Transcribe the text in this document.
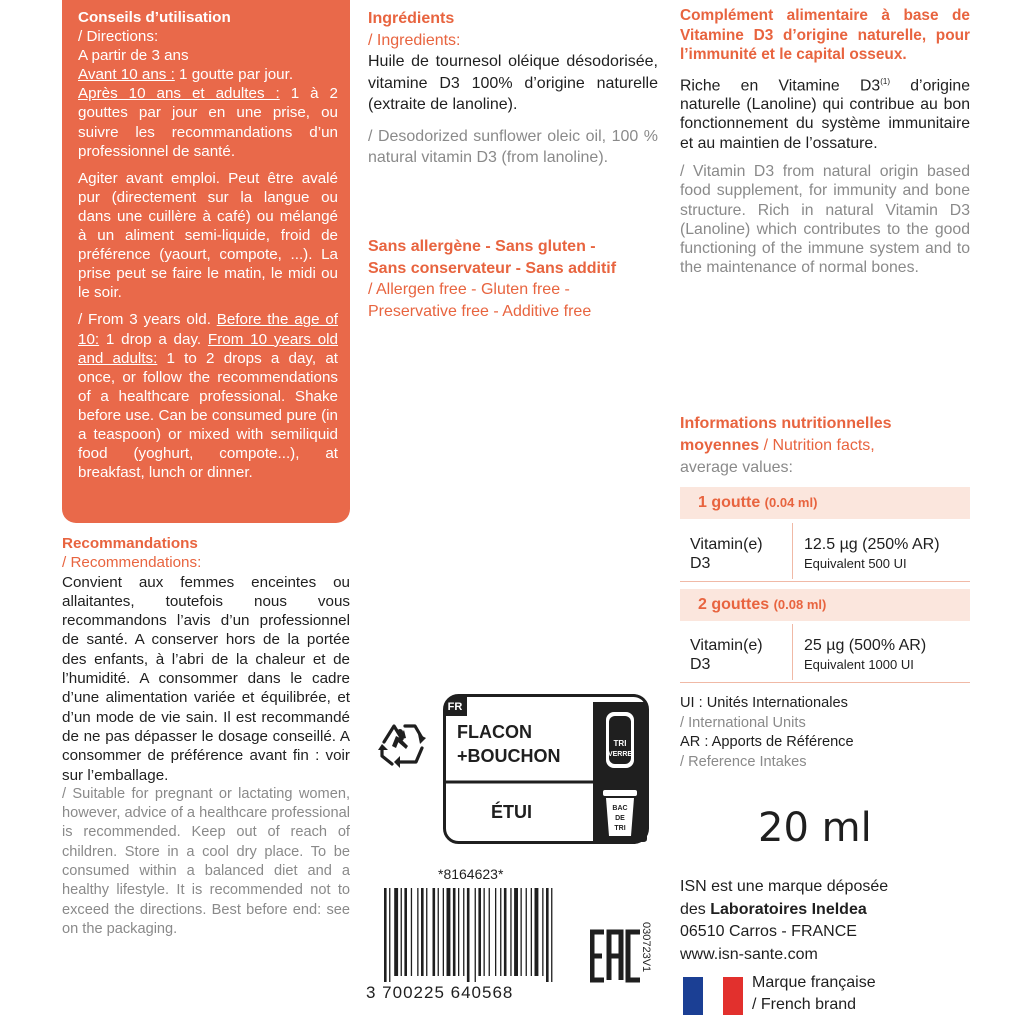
Conseils d’utilisation

/ Directions:

A partir de 3 ans

Avant 10 ans : 1 goutte par jour.

Après 10 ans et adultes : 1 à 2 gouttes par jour en une prise, ou suivre les recommandations d’un professionnel de santé.

Agiter avant emploi. Peut être avalé pur (directement sur la langue ou dans une cuillère à café) ou mélangé à un aliment semi-liquide, froid de préférence (yaourt, compote, ...). La prise peut se faire le matin, le midi ou le soir.

/ From 3 years old. Before the age of 10: 1 drop a day. From 10 years old and adults: 1 to 2 drops a day, at once, or follow the recommendations of a healthcare professional. Shake before use. Can be consumed pure (in a teaspoon) or mixed with semiliquid food (yoghurt, compote...), at breakfast, lunch or dinner.

Recommandations

/ Recommendations:

Convient aux femmes enceintes ou allaitantes, toutefois nous vous recommandons l’avis d’un professionnel de santé. A conserver hors de la portée des enfants, à l’abri de la chaleur et de l’humidité. A consommer dans le cadre d’une alimentation variée et équilibrée, et d’un mode de vie sain. Il est recommandé de ne pas dépasser le dosage conseillé. A consommer de préférence avant fin : voir sur l’emballage.

/ Suitable for pregnant or lactating women, however, advice of a healthcare professional is recommended. Keep out of reach of children. Store in a cool dry place. To be consumed within a balanced diet and a healthy lifestyle. It is recommended not to exceed the directions. Best before end: see on the packaging.

Ingrédients

/ Ingredients:

Huile de tournesol oléique désodorisée, vitamine D3 100% d’origine naturelle (extraite de lanoline).

/ Desodorized sunflower oleic oil, 100 % natural vitamin D3 (from lanoline).

Sans allergène - Sans gluten -

Sans conservateur - Sans additif

/ Allergen free - Gluten free -

Preservative free - Additive free

FR
FLACON
+BOUCHON
ÉTUI
TRI
VERRE
BAC
DE
TRI
*8164623*
3 700225 640568
030723V1

Complément alimentaire à base de Vitamine D3 d’origine naturelle, pour l’immunité et le capital osseux.

Riche en Vitamine D3$^{(1)}$ d’origine naturelle (Lanoline) qui contribue au bon fonctionnement du système immunitaire et au maintien de l’ossature.

/ Vitamin D3 from natural origin based food supplement, for immunity and bone structure. Rich in natural Vitamin D3 (Lanoline) which contributes to the good functioning of the immune system and to the maintenance of normal bones.

Informations nutritionnelles
moyennes / Nutrition facts,
average values:
1 goutte (0.04 ml)
Vitamin(e) D3
12.5 µg (250% AR)
Equivalent 500 UI
2 gouttes (0.08 ml)
Vitamin(e) D3
25 µg (500% AR)
Equivalent 1000 UI

UI : Unités Internationales

/ International Units

AR : Apports de Référence

/ Reference Intakes

20 ml

ISN est une marque déposée

des Laboratoires Ineldea

06510 Carros - FRANCE

www.isn-sante.com

Marque française

/ French brand
